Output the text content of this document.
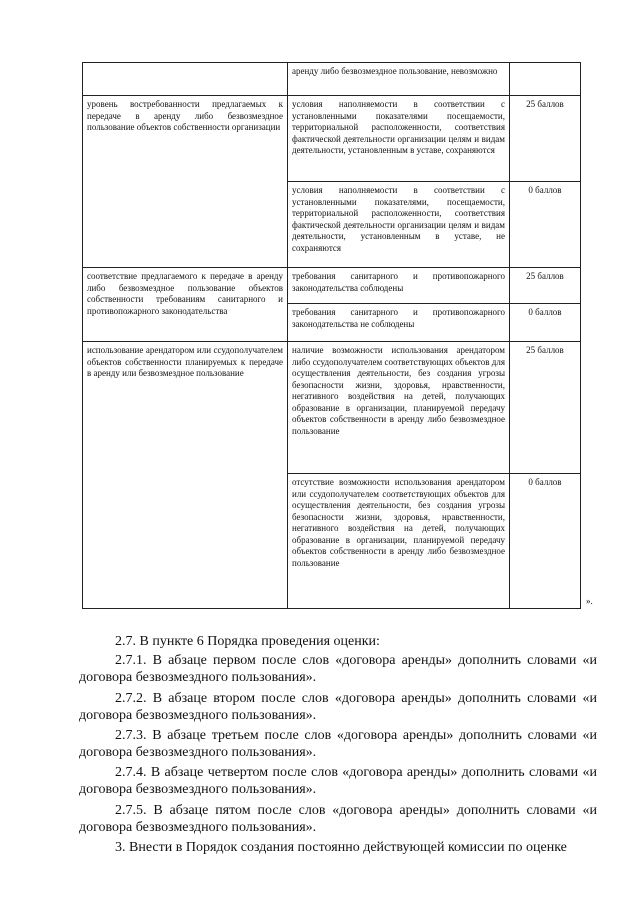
	аренду либо безвозмездное пользование, невозможно	
уровень востребованности предлагаемых к передаче в аренду либо безвозмездное пользование объектов собственности организации	условия наполняемости в соответствии с установленными показателями посещаемости, территориальной расположенности, соответствия фактической деятельности организации целям и видам деятельности, установленным в уставе, сохраняются	25 баллов
	условия наполняемости в соответствии с установленными показателями, посещаемости, территориальной расположенности, соответствия фактической деятельности организации целям и видам деятельности, установленным в уставе, не сохраняются	0 баллов
соответствие предлагаемого к передаче в аренду либо безвозмездное пользование объектов собственности требованиям санитарного и противопожарного законодательства	требования санитарного и противопожарного законодательства соблюдены	25 баллов
	требования санитарного и противопожарного законодательства не соблюдены	0 баллов
использование арендатором или ссудополучателем объектов собственности планируемых к передаче в аренду или безвозмездное пользование	наличие возможности использования арендатором либо ссудополучателем соответствующих объектов для осуществления деятельности, без создания угрозы безопасности жизни, здоровья, нравственности, негативного воздействия на детей, получающих образование в организации, планируемой передачу объектов собственности в аренду либо безвозмездное пользование	25 баллов
	отсутствие возможности использования арендатором или ссудополучателем соответствующих объектов для осуществления деятельности, без создания угрозы безопасности жизни, здоровья, нравственности, негативного воздействия на детей, получающих образование в организации, планируемой передачу объектов собственности в аренду либо безвозмездное пользование	0 баллов
».
2.7. В пункте 6 Порядка проведения оценки:
2.7.1. В абзаце первом после слов «договора аренды» дополнить словами «и договора безвозмездного пользования».
2.7.2. В абзаце втором после слов «договора аренды» дополнить словами «и договора безвозмездного пользования».
2.7.3. В абзаце третьем после слов «договора аренды» дополнить словами «и договора безвозмездного пользования».
2.7.4. В абзаце четвертом после слов «договора аренды» дополнить словами «и договора безвозмездного пользования».
2.7.5. В абзаце пятом после слов «договора аренды» дополнить словами «и договора безвозмездного пользования».
3. Внести в Порядок создания постоянно действующей комиссии по оценке
